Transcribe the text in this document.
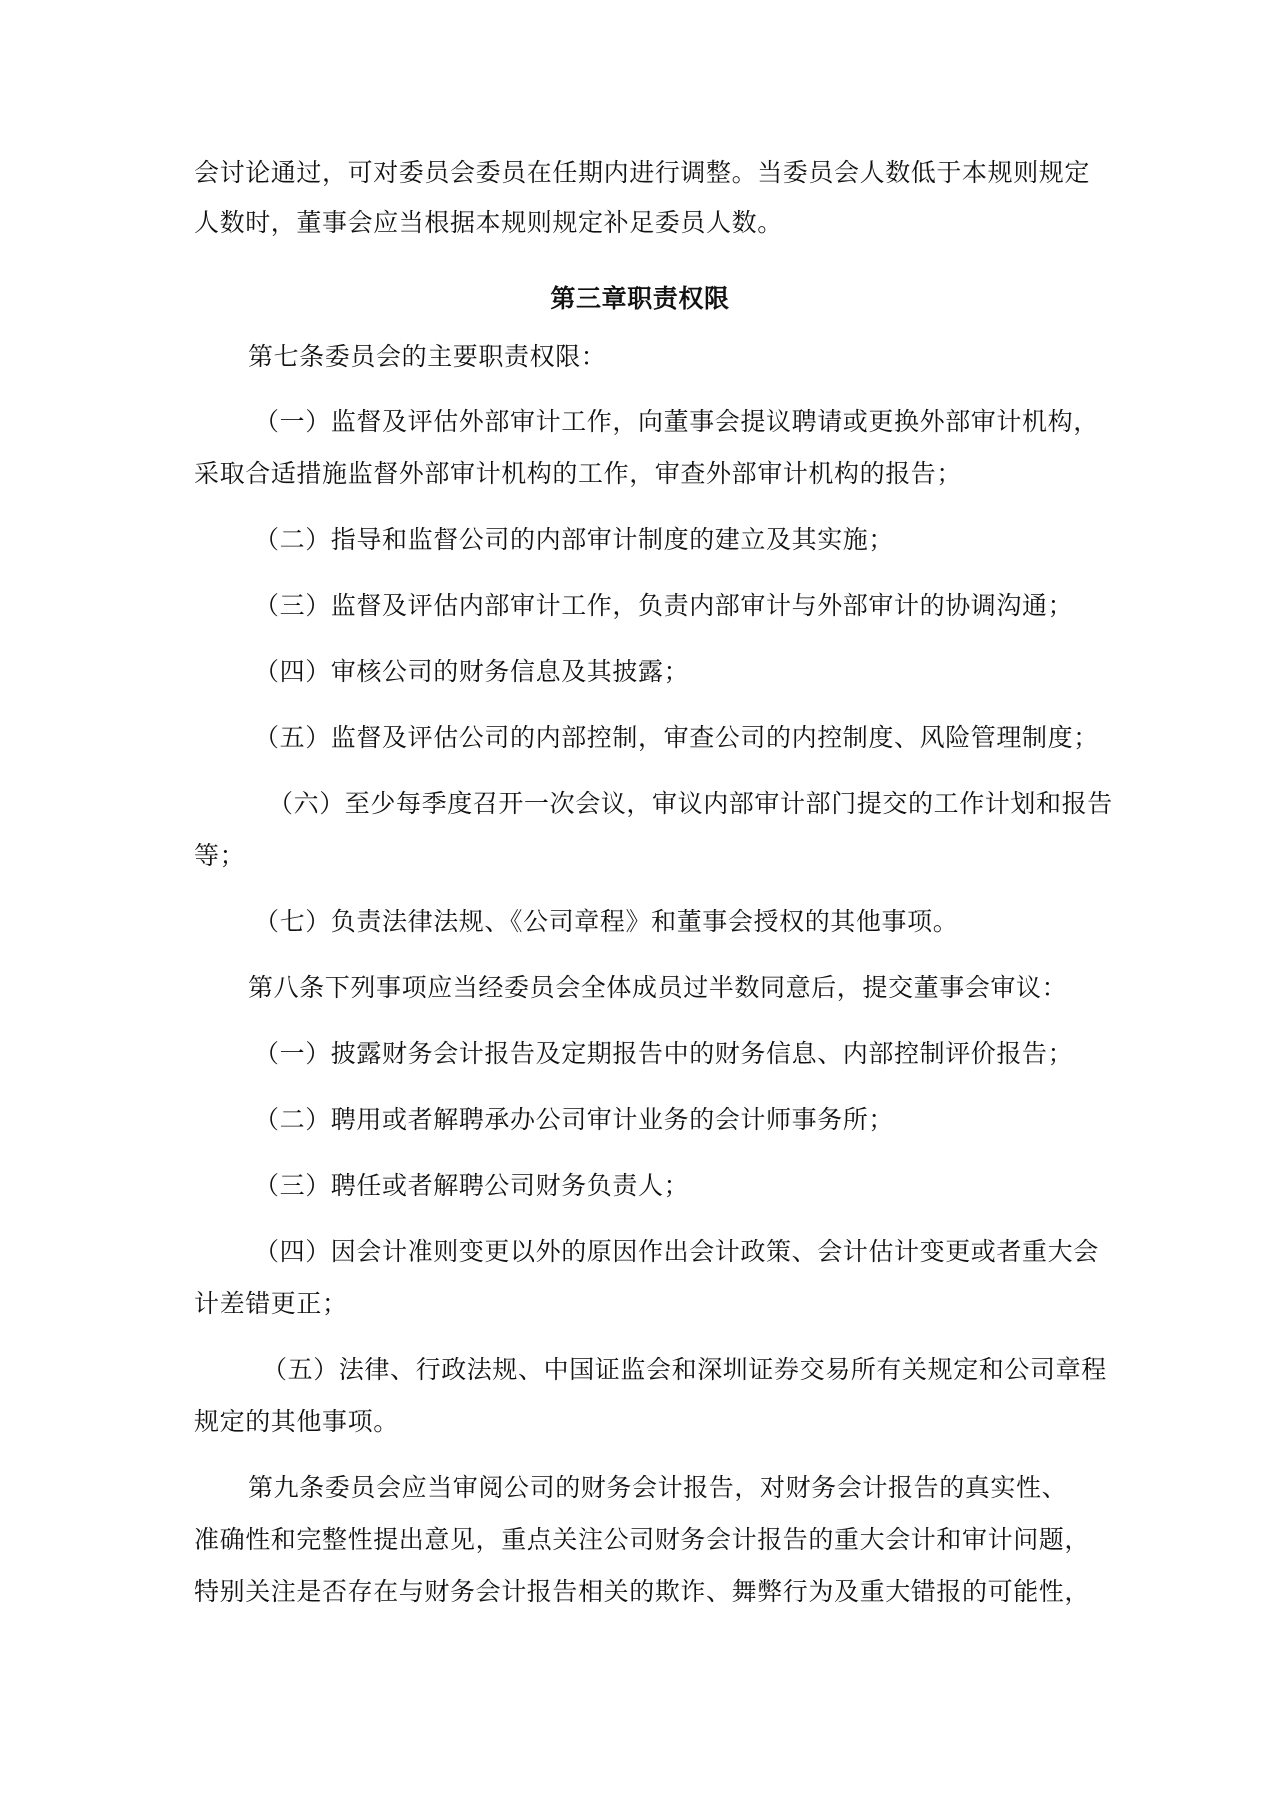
会讨论通过，可对委员会委员在任期内进行调整。当委员会人数低于本规则规定
人数时，董事会应当根据本规则规定补足委员人数。
第三章职责权限
第七条委员会的主要职责权限：
（一）监督及评估外部审计工作，向董事会提议聘请或更换外部审计机构，
采取合适措施监督外部审计机构的工作，审查外部审计机构的报告；
（二）指导和监督公司的内部审计制度的建立及其实施；
（三）监督及评估内部审计工作，负责内部审计与外部审计的协调沟通；
（四）审核公司的财务信息及其披露；
（五）监督及评估公司的内部控制，审查公司的内控制度、风险管理制度；
（六）至少每季度召开一次会议，审议内部审计部门提交的工作计划和报告
等；
（七）负责法律法规、《公司章程》和董事会授权的其他事项。
第八条下列事项应当经委员会全体成员过半数同意后，提交董事会审议：
（一）披露财务会计报告及定期报告中的财务信息、内部控制评价报告；
（二）聘用或者解聘承办公司审计业务的会计师事务所；
（三）聘任或者解聘公司财务负责人；
（四）因会计准则变更以外的原因作出会计政策、会计估计变更或者重大会
计差错更正；
（五）法律、行政法规、中国证监会和深圳证券交易所有关规定和公司章程
规定的其他事项。
第九条委员会应当审阅公司的财务会计报告，对财务会计报告的真实性、
准确性和完整性提出意见，重点关注公司财务会计报告的重大会计和审计问题，
特别关注是否存在与财务会计报告相关的欺诈、舞弊行为及重大错报的可能性，
